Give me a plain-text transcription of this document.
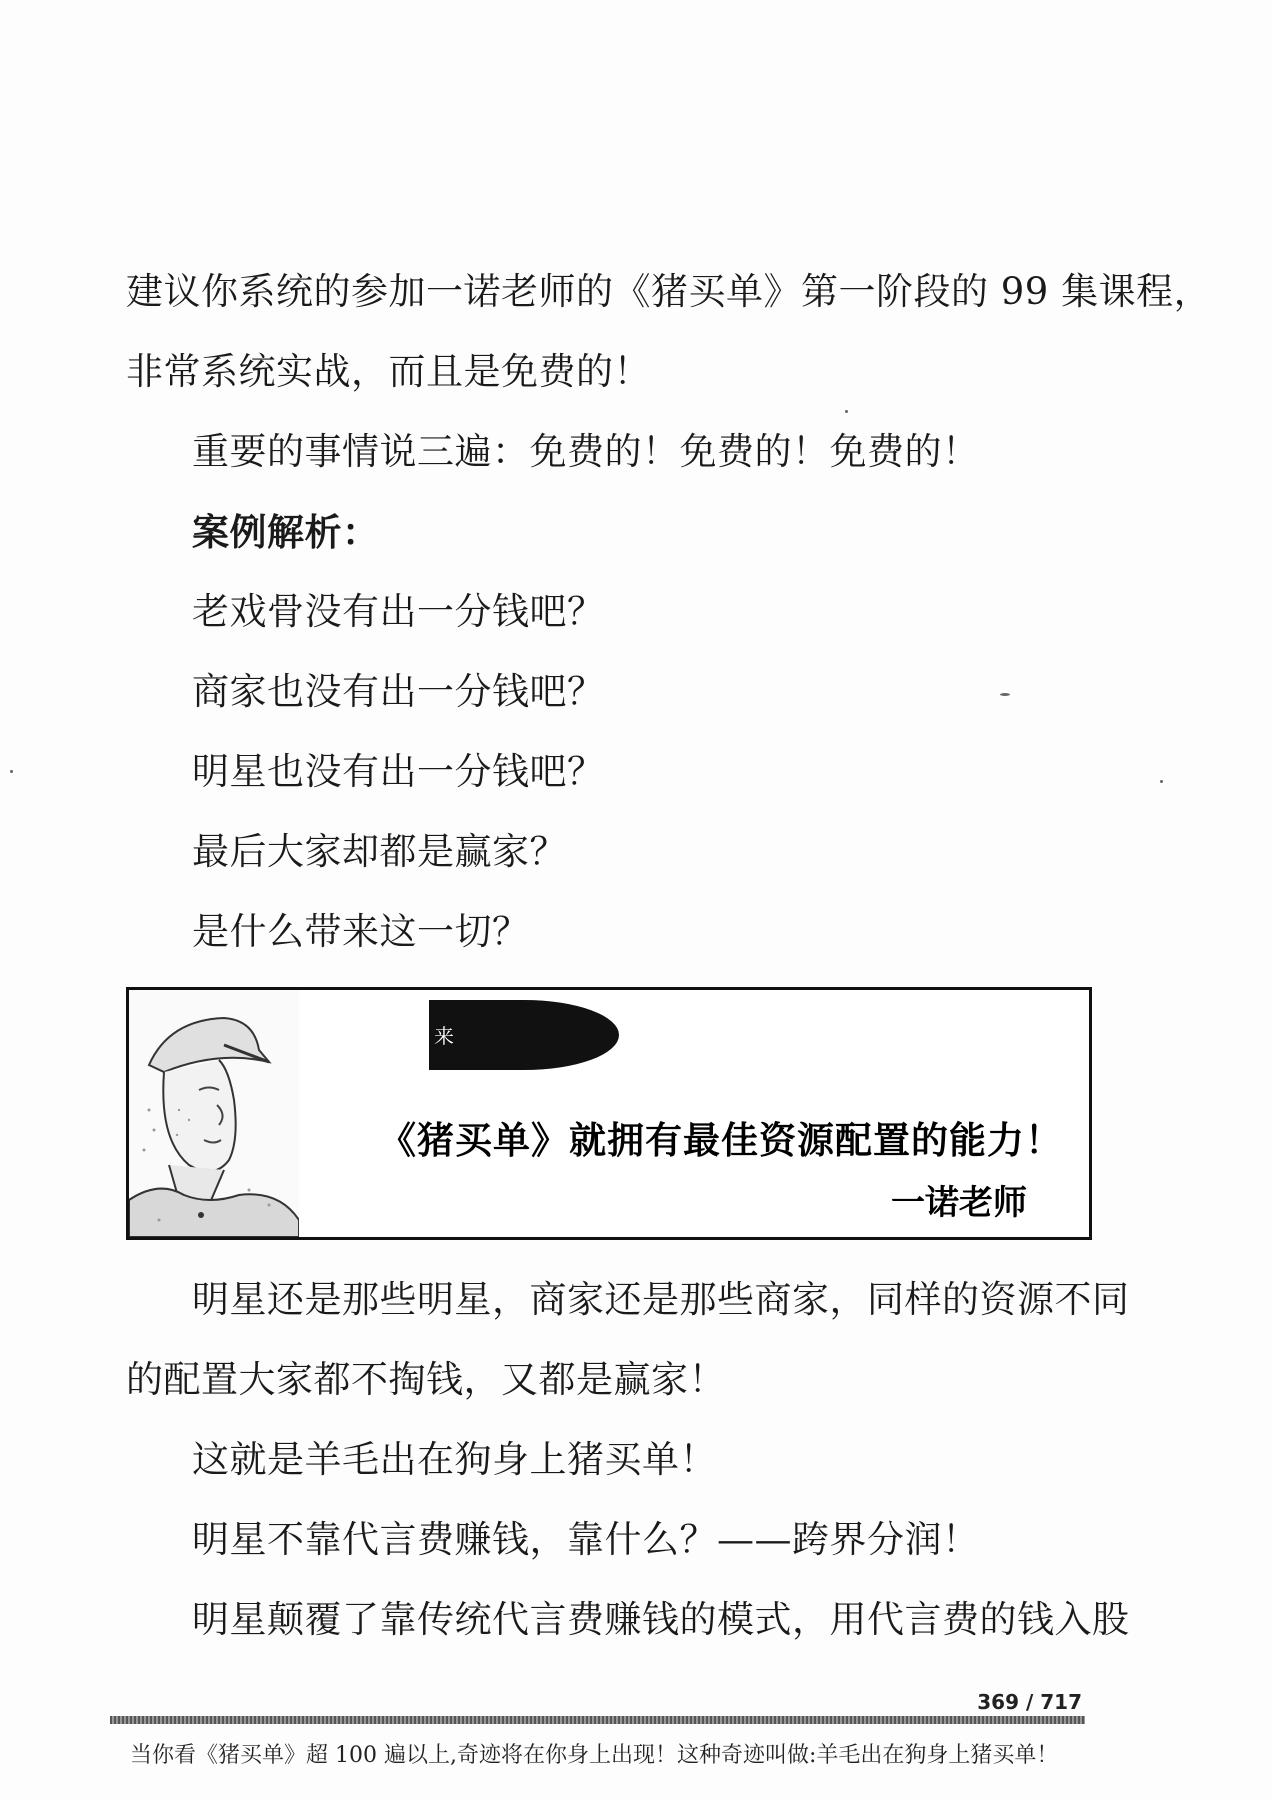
建议你系统的参加一诺老师的《猪买单》第一阶段的 99 集课程，
非常系统实战，而且是免费的！
重要的事情说三遍：免费的！免费的！免费的！
案例解析：
老戏骨没有出一分钱吧？
商家也没有出一分钱吧？
明星也没有出一分钱吧？
最后大家却都是赢家？
是什么带来这一切？
来
《猪买单》就拥有最佳资源配置的能力！
一诺老师
明星还是那些明星，商家还是那些商家，同样的资源不同
的配置大家都不掏钱，又都是赢家！
这就是羊毛出在狗身上猪买单！
明星不靠代言费赚钱，靠什么？——跨界分润！
明星颠覆了靠传统代言费赚钱的模式，用代言费的钱入股
369 / 717
当你看《猪买单》超 100 遍以上,奇迹将在你身上出现！这种奇迹叫做:羊毛出在狗身上猪买单！
